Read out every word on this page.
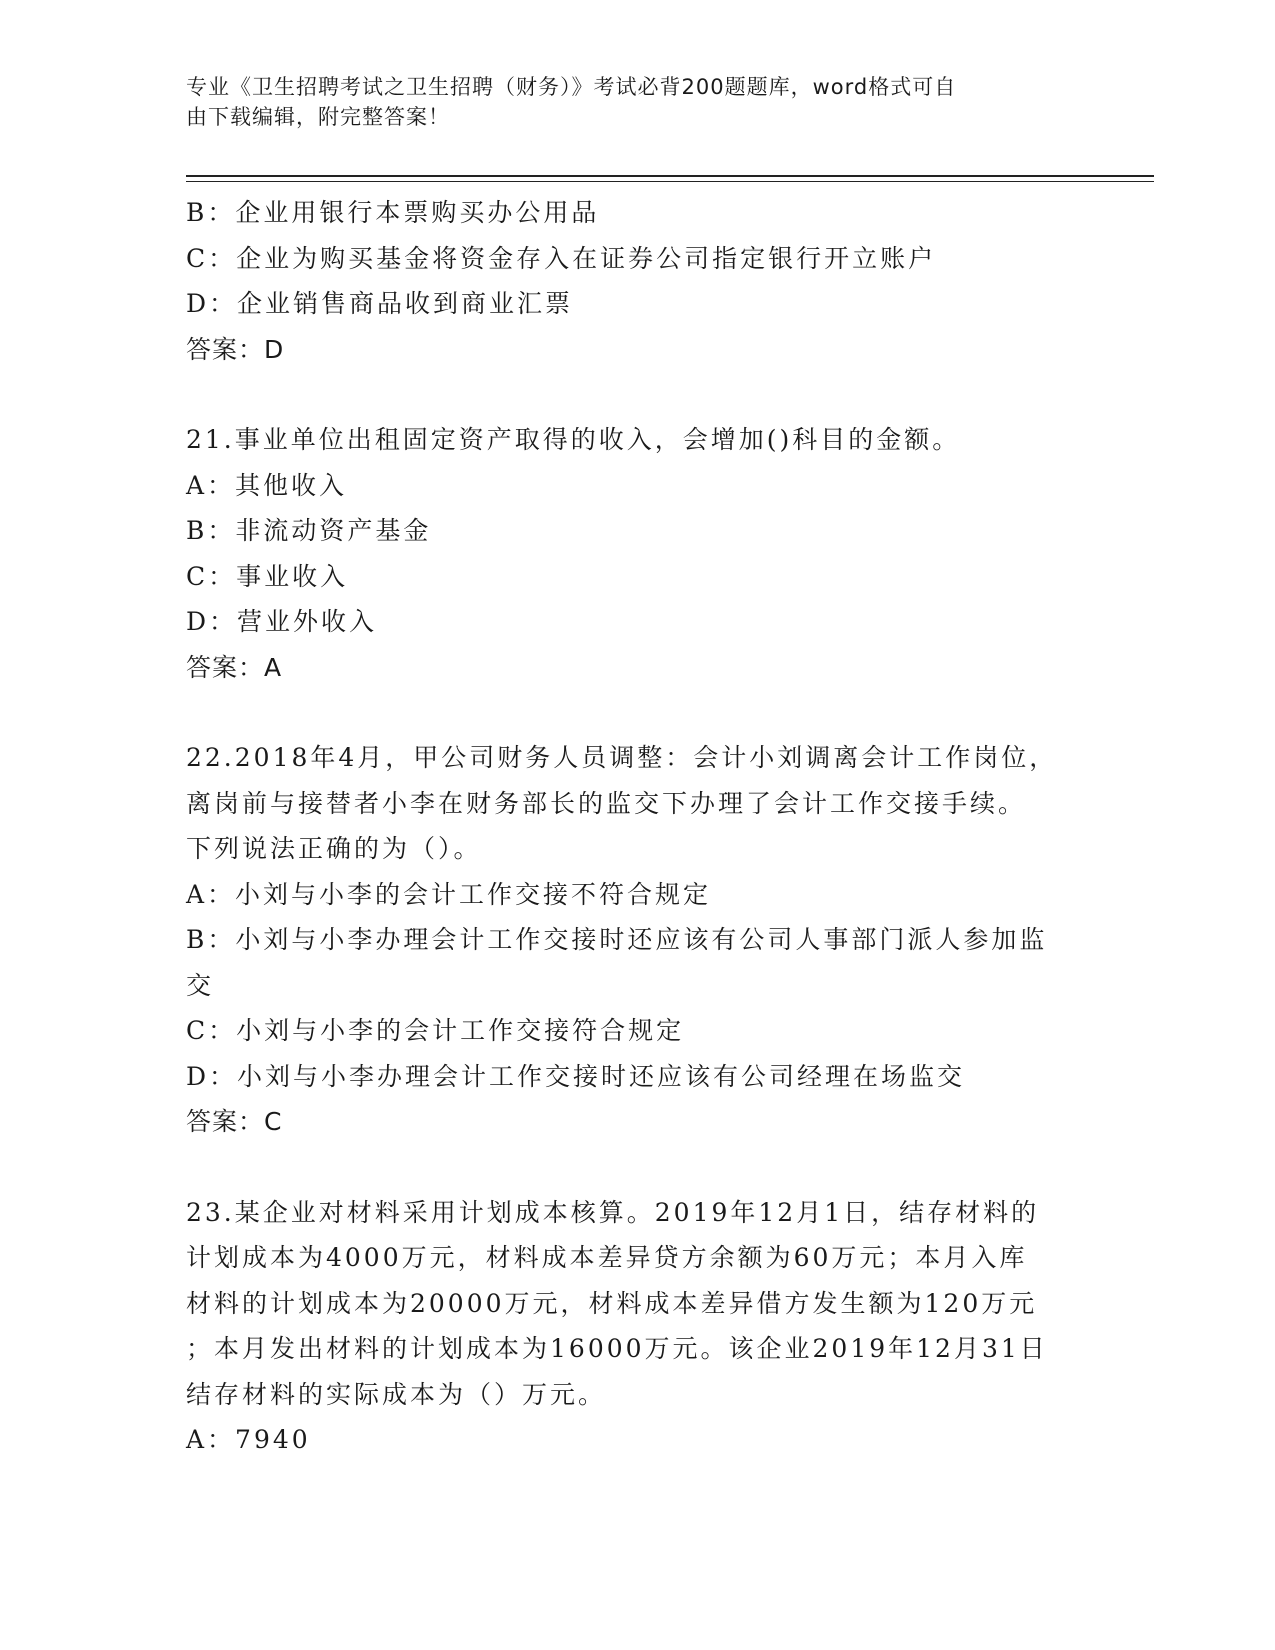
专业《卫生招聘考试之卫生招聘（财务）》考试必背200题题库，word格式可自
由下载编辑，附完整答案！
B：企业用银行本票购买办公用品
C：企业为购买基金将资金存入在证券公司指定银行开立账户
D：企业销售商品收到商业汇票
答案：D
21.事业单位出租固定资产取得的收入，会增加()科目的金额。
A：其他收入
B：非流动资产基金
C：事业收入
D：营业外收入
答案：A
22.2018年4月，甲公司财务人员调整：会计小刘调离会计工作岗位，
离岗前与接替者小李在财务部长的监交下办理了会计工作交接手续。
下列说法正确的为（）。
A：小刘与小李的会计工作交接不符合规定
B：小刘与小李办理会计工作交接时还应该有公司人事部门派人参加监
交
C：小刘与小李的会计工作交接符合规定
D：小刘与小李办理会计工作交接时还应该有公司经理在场监交
答案：C
23.某企业对材料采用计划成本核算。2019年12月1日，结存材料的
计划成本为4000万元，材料成本差异贷方余额为60万元；本月入库
材料的计划成本为20000万元，材料成本差异借方发生额为120万元
；本月发出材料的计划成本为16000万元。该企业2019年12月31日
结存材料的实际成本为（）万元。
A：7940
